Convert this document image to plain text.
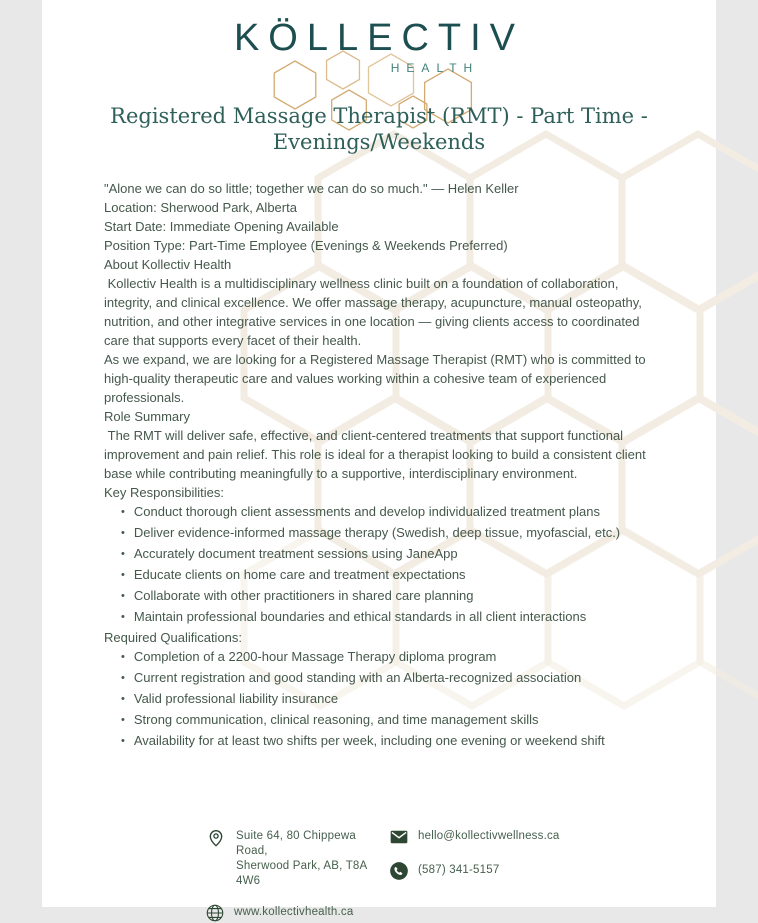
KÖLLECTIV
HEALTH
Registered Massage Therapist (RMT) - Part Time -
Evenings/Weekends
"Alone we can do so little; together we can do so much." — Helen Keller
Location: Sherwood Park, Alberta
Start Date: Immediate Opening Available
Position Type: Part-Time Employee (Evenings & Weekends Preferred)
About Kollectiv Health
Kollectiv Health is a multidisciplinary wellness clinic built on a foundation of collaboration, integrity, and clinical excellence. We offer massage therapy, acupuncture, manual osteopathy, nutrition, and other integrative services in one location — giving clients access to coordinated care that supports every facet of their health.
As we expand, we are looking for a Registered Massage Therapist (RMT) who is committed to high-quality therapeutic care and values working within a cohesive team of experienced professionals.
Role Summary
The RMT will deliver safe, effective, and client-centered treatments that support functional improvement and pain relief. This role is ideal for a therapist looking to build a consistent client base while contributing meaningfully to a supportive, interdisciplinary environment.
Key Responsibilities:
• Conduct thorough client assessments and develop individualized treatment plans
• Deliver evidence-informed massage therapy (Swedish, deep tissue, myofascial, etc.)
• Accurately document treatment sessions using JaneApp
• Educate clients on home care and treatment expectations
• Collaborate with other practitioners in shared care planning
• Maintain professional boundaries and ethical standards in all client interactions
Required Qualifications:
• Completion of a 2200-hour Massage Therapy diploma program
• Current registration and good standing with an Alberta-recognized association
• Valid professional liability insurance
• Strong communication, clinical reasoning, and time management skills
• Availability for at least two shifts per week, including one evening or weekend shift
Suite 64, 80 Chippewa Road,
Sherwood Park, AB, T8A 4W6
www.kollectivhealth.ca
hello@kollectivwellness.ca
(587) 341-5157
